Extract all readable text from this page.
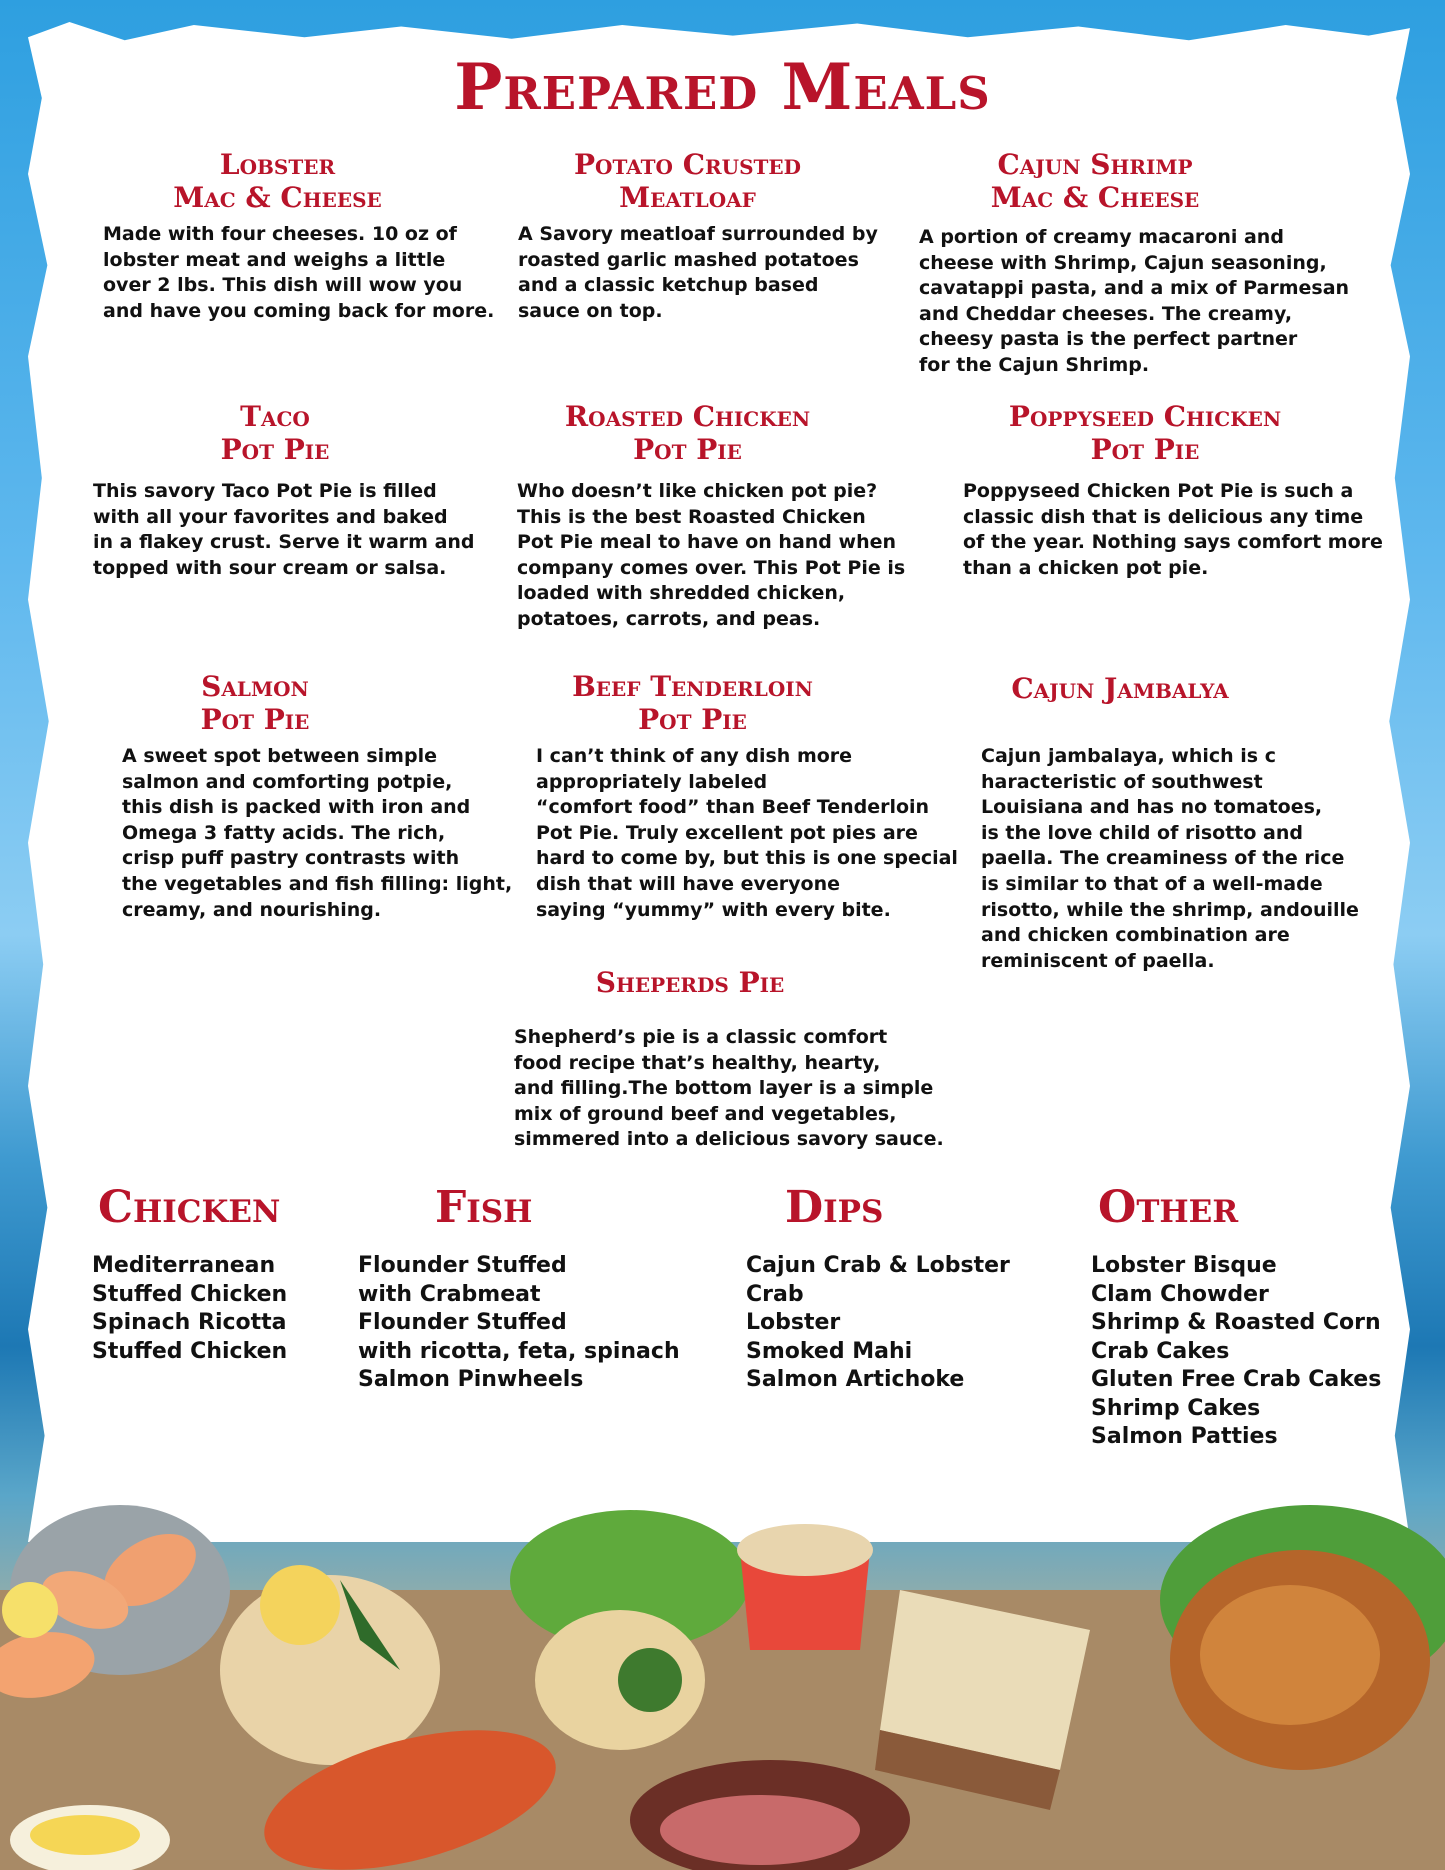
Prepared Meals
Lobster
Mac & Cheese
Made with four cheeses. 10 oz of
lobster meat and weighs a little
over 2 lbs. This dish will wow you
and have you coming back for more.
Potato Crusted
Meatloaf
A Savory meatloaf surrounded by
roasted garlic mashed potatoes
and a classic ketchup based
sauce on top.
Cajun Shrimp
Mac & Cheese
A portion of creamy macaroni and
cheese with Shrimp, Cajun seasoning,
cavatappi pasta, and a mix of Parmesan
and Cheddar cheeses. The creamy,
cheesy pasta is the perfect partner
for the Cajun Shrimp.
Taco
Pot Pie
This savory Taco Pot Pie is filled
with all your favorites and baked
in a flakey crust. Serve it warm and
topped with sour cream or salsa.
Roasted Chicken
Pot Pie
Who doesn’t like chicken pot pie?
This is the best Roasted Chicken
Pot Pie meal to have on hand when
company comes over. This Pot Pie is
loaded with shredded chicken,
potatoes, carrots, and peas.
Poppyseed Chicken
Pot Pie
Poppyseed Chicken Pot Pie is such a
classic dish that is delicious any time
of the year. Nothing says comfort more
than a chicken pot pie.
Salmon
Pot Pie
A sweet spot between simple
salmon and comforting potpie,
this dish is packed with iron and
Omega 3 fatty acids. The rich,
crisp puff pastry contrasts with
the vegetables and fish filling: light,
creamy, and nourishing.
Beef Tenderloin
Pot Pie
I can’t think of any dish more
appropriately labeled
“comfort food” than Beef Tenderloin
Pot Pie. Truly excellent pot pies are
hard to come by, but this is one special
dish that will have everyone
saying “yummy” with every bite.
Cajun Jambalya
Cajun jambalaya, which is c
haracteristic of southwest
Louisiana and has no tomatoes,
is the love child of risotto and
paella. The creaminess of the rice
is similar to that of a well-made
risotto, while the shrimp, andouille
and chicken combination are
reminiscent of paella.
Sheperds Pie
Shepherd’s pie is a classic comfort
food recipe that’s healthy, hearty,
and filling.The bottom layer is a simple
mix of ground beef and vegetables,
simmered into a delicious savory sauce.
Chicken
Mediterranean
Stuffed Chicken
Spinach Ricotta
Stuffed Chicken
Fish
Flounder Stuffed
with Crabmeat
Flounder Stuffed
with ricotta, feta, spinach
Salmon Pinwheels
Dips
Cajun Crab & Lobster
Crab
Lobster
Smoked Mahi
Salmon Artichoke
Other
Lobster Bisque
Clam Chowder
Shrimp & Roasted Corn
Crab Cakes
Gluten Free Crab Cakes
Shrimp Cakes
Salmon Patties
